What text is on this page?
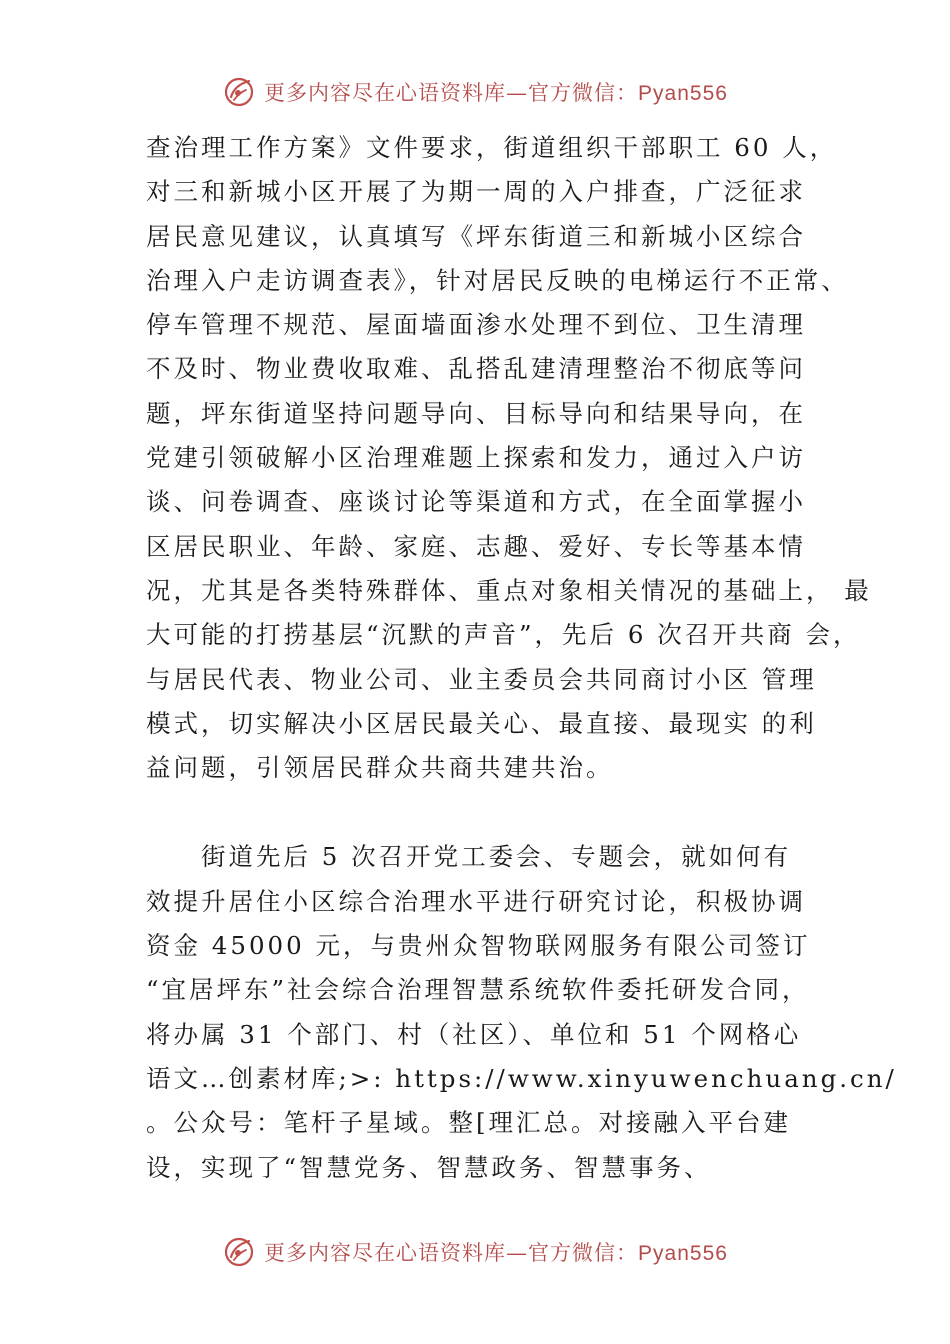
更多内容尽在心语资料库—官方微信：Pyan556
查治理工作方案》文件要求，街道组织干部职工 60 人，
对三和新城小区开展了为期一周的入户排查，广泛征求
居民意见建议，认真填写《坪东街道三和新城小区综合
治理入户走访调查表》，针对居民反映的电梯运行不正常、
停车管理不规范、屋面墙面渗水处理不到位、卫生清理
不及时、物业费收取难、乱搭乱建清理整治不彻底等问
题，坪东街道坚持问题导向、目标导向和结果导向，在
党建引领破解小区治理难题上探索和发力，通过入户访
谈、问卷调查、座谈讨论等渠道和方式，在全面掌握小
区居民职业、年龄、家庭、志趣、爱好、专长等基本情
况，尤其是各类特殊群体、重点对象相关情况的基础上， 最
大可能的打捞基层“沉默的声音”，先后 6 次召开共商 会，
与居民代表、物业公司、业主委员会共同商讨小区 管理
模式，切实解决小区居民最关心、最直接、最现实 的利
益问题，引领居民群众共商共建共治。
　　街道先后 5 次召开党工委会、专题会，就如何有
效提升居住小区综合治理水平进行研究讨论，积极协调
资金 45000 元，与贵州众智物联网服务有限公司签订
“宜居坪东”社会综合治理智慧系统软件委托研发合同，
将办属 31 个部门、村（社区）、单位和 51 个网格心
语文…创素材库;>: https://www.xinyuwenchuang.cn/
。公众号：笔杆子星域。整[理汇总。对接融入平台建
设，实现了“智慧党务、智慧政务、智慧事务、
更多内容尽在心语资料库—官方微信：Pyan556
